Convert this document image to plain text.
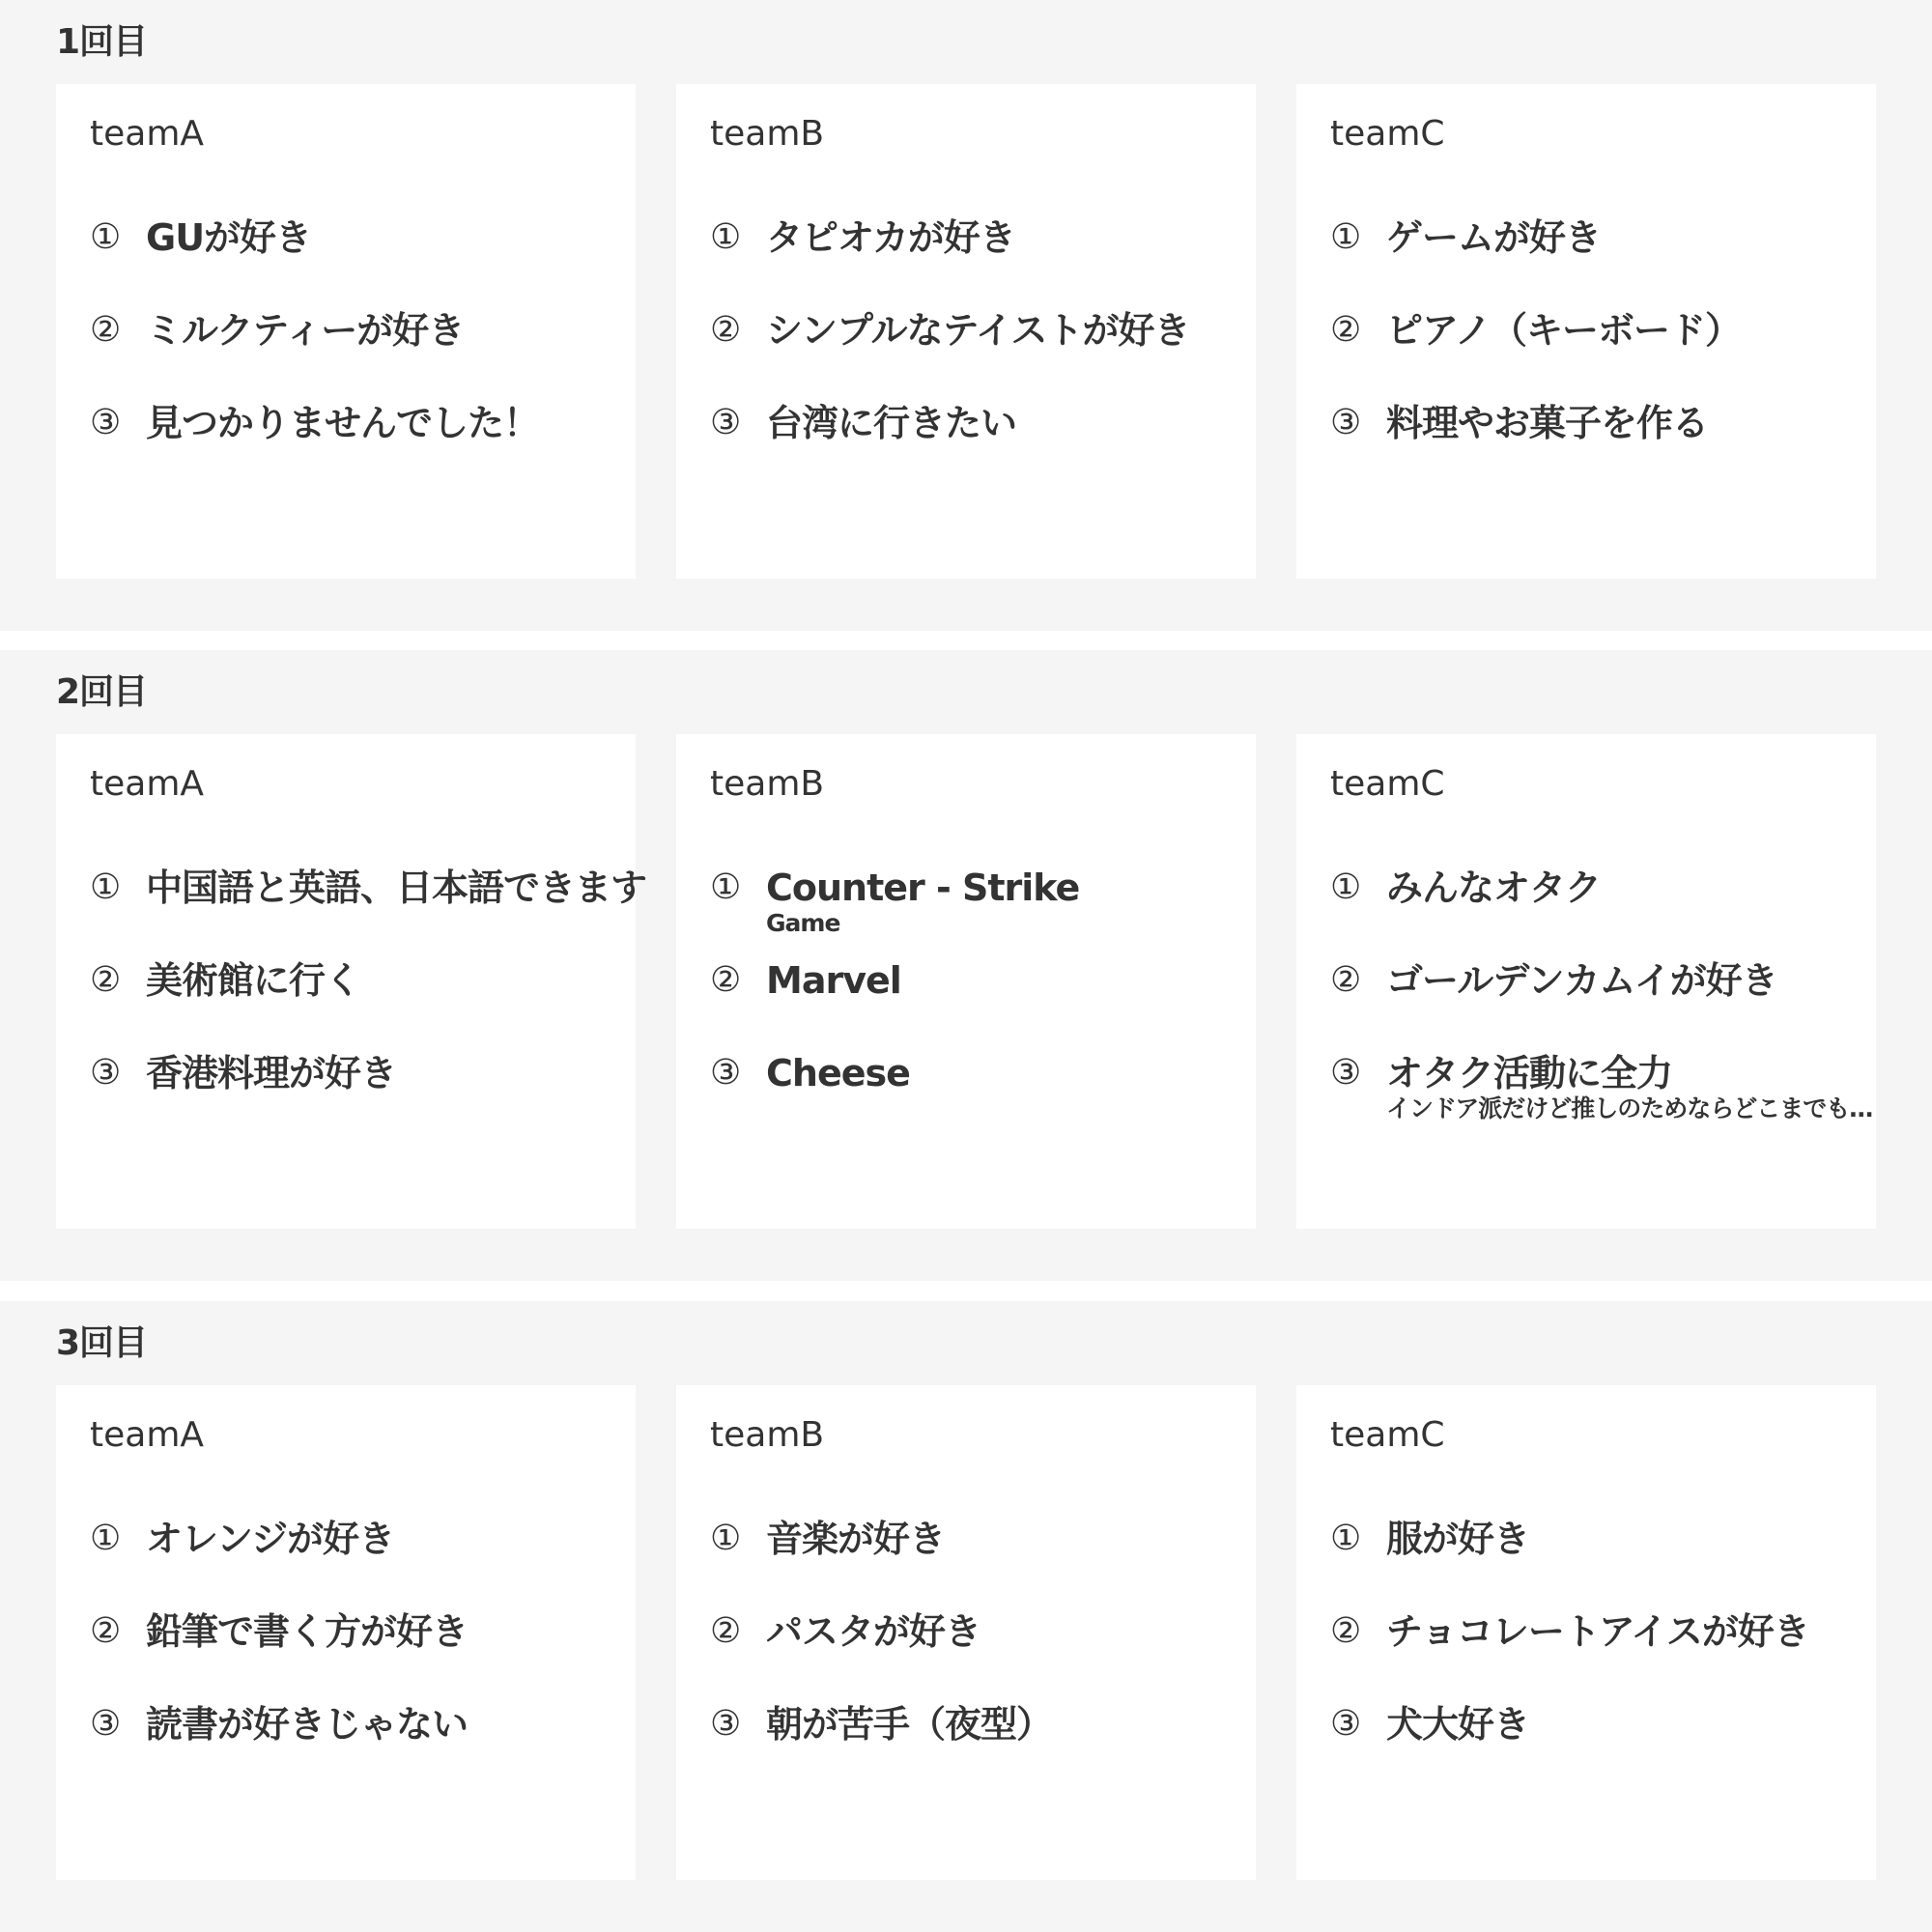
1回目
teamA
① GUが好き
② ミルクティーが好き
③ 見つかりませんでした！
teamB
① タピオカが好き
② シンプルなテイストが好き
③ 台湾に行きたい
teamC
① ゲームが好き
② ピアノ（キーボード）
③ 料理やお菓子を作る
2回目
teamA
① 中国語と英語、日本語できます
② 美術館に行く
③ 香港料理が好き
teamB
① Counter - Strike
Game
② Marvel
③ Cheese
teamC
① みんなオタク
② ゴールデンカムイが好き
③ オタク活動に全力
インドア派だけど推しのためならどこまでも…
3回目
teamA
① オレンジが好き
② 鉛筆で書く方が好き
③ 読書が好きじゃない
teamB
① 音楽が好き
② パスタが好き
③ 朝が苦手（夜型）
teamC
① 服が好き
② チョコレートアイスが好き
③ 犬大好き
